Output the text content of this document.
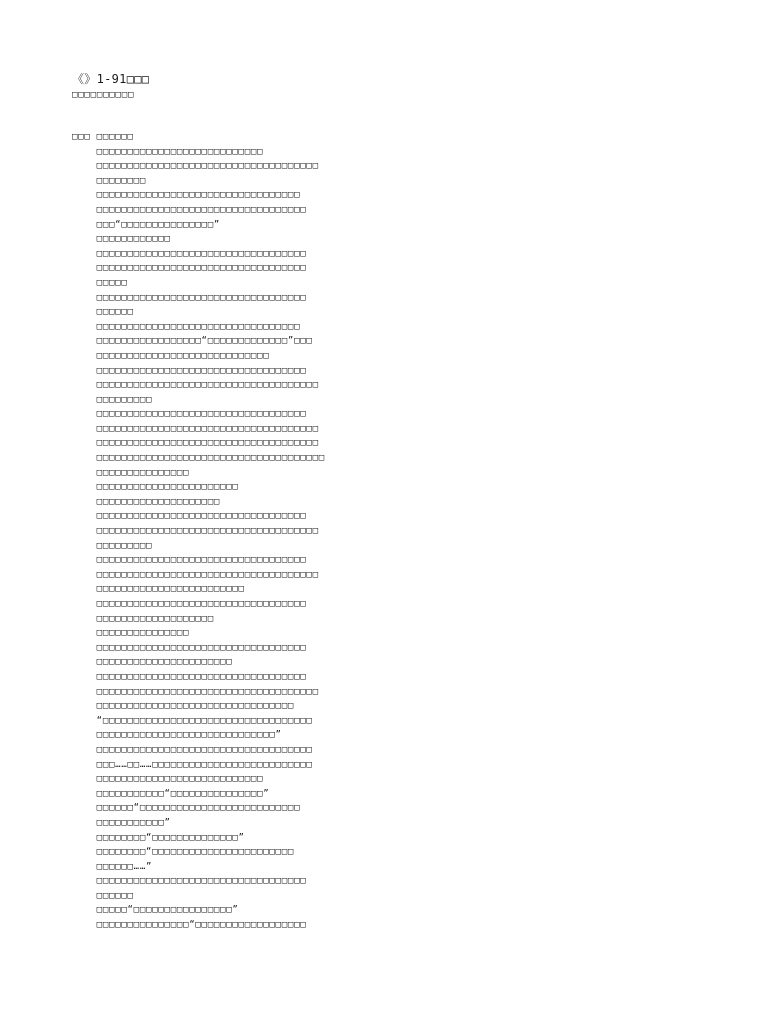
《》1-91□□□
□□□□□□□□□□
□□□ □□□□□□
□□□□□□□□□□□□□□□□□□□□□□□□□□□
□□□□□□□□□□□□□□□□□□□□□□□□□□□□□□□□□□□□
□□□□□□□□
□□□□□□□□□□□□□□□□□□□□□□□□□□□□□□□□□
□□□□□□□□□□□□□□□□□□□□□□□□□□□□□□□□□□
□□□“□□□□□□□□□□□□□□□”
□□□□□□□□□□□□
□□□□□□□□□□□□□□□□□□□□□□□□□□□□□□□□□□
□□□□□□□□□□□□□□□□□□□□□□□□□□□□□□□□□□
□□□□□
□□□□□□□□□□□□□□□□□□□□□□□□□□□□□□□□□□
□□□□□□
□□□□□□□□□□□□□□□□□□□□□□□□□□□□□□□□□
□□□□□□□□□□□□□□□□□“□□□□□□□□□□□□□”□□□
□□□□□□□□□□□□□□□□□□□□□□□□□□□□
□□□□□□□□□□□□□□□□□□□□□□□□□□□□□□□□□□
□□□□□□□□□□□□□□□□□□□□□□□□□□□□□□□□□□□□
□□□□□□□□□
□□□□□□□□□□□□□□□□□□□□□□□□□□□□□□□□□□
□□□□□□□□□□□□□□□□□□□□□□□□□□□□□□□□□□□□
□□□□□□□□□□□□□□□□□□□□□□□□□□□□□□□□□□□□
□□□□□□□□□□□□□□□□□□□□□□□□□□□□□□□□□□□□□
□□□□□□□□□□□□□□□
□□□□□□□□□□□□□□□□□□□□□□□
□□□□□□□□□□□□□□□□□□□□
□□□□□□□□□□□□□□□□□□□□□□□□□□□□□□□□□□
□□□□□□□□□□□□□□□□□□□□□□□□□□□□□□□□□□□□
□□□□□□□□□
□□□□□□□□□□□□□□□□□□□□□□□□□□□□□□□□□□
□□□□□□□□□□□□□□□□□□□□□□□□□□□□□□□□□□□□
□□□□□□□□□□□□□□□□□□□□□□□□
□□□□□□□□□□□□□□□□□□□□□□□□□□□□□□□□□□
□□□□□□□□□□□□□□□□□□□
□□□□□□□□□□□□□□□
□□□□□□□□□□□□□□□□□□□□□□□□□□□□□□□□□□
□□□□□□□□□□□□□□□□□□□□□□
□□□□□□□□□□□□□□□□□□□□□□□□□□□□□□□□□□
□□□□□□□□□□□□□□□□□□□□□□□□□□□□□□□□□□□□
□□□□□□□□□□□□□□□□□□□□□□□□□□□□□□□□
“□□□□□□□□□□□□□□□□□□□□□□□□□□□□□□□□□□
□□□□□□□□□□□□□□□□□□□□□□□□□□□□□”
□□□□□□□□□□□□□□□□□□□□□□□□□□□□□□□□□□□
□□□……□□……□□□□□□□□□□□□□□□□□□□□□□□□□□
□□□□□□□□□□□□□□□□□□□□□□□□□□□
□□□□□□□□□□□“□□□□□□□□□□□□□□□”
□□□□□□“□□□□□□□□□□□□□□□□□□□□□□□□□□
□□□□□□□□□□□”
□□□□□□□□“□□□□□□□□□□□□□□”
□□□□□□□□“□□□□□□□□□□□□□□□□□□□□□□□
□□□□□□……”
□□□□□□□□□□□□□□□□□□□□□□□□□□□□□□□□□□
□□□□□□
□□□□□“□□□□□□□□□□□□□□□□”
□□□□□□□□□□□□□□□“□□□□□□□□□□□□□□□□□□
